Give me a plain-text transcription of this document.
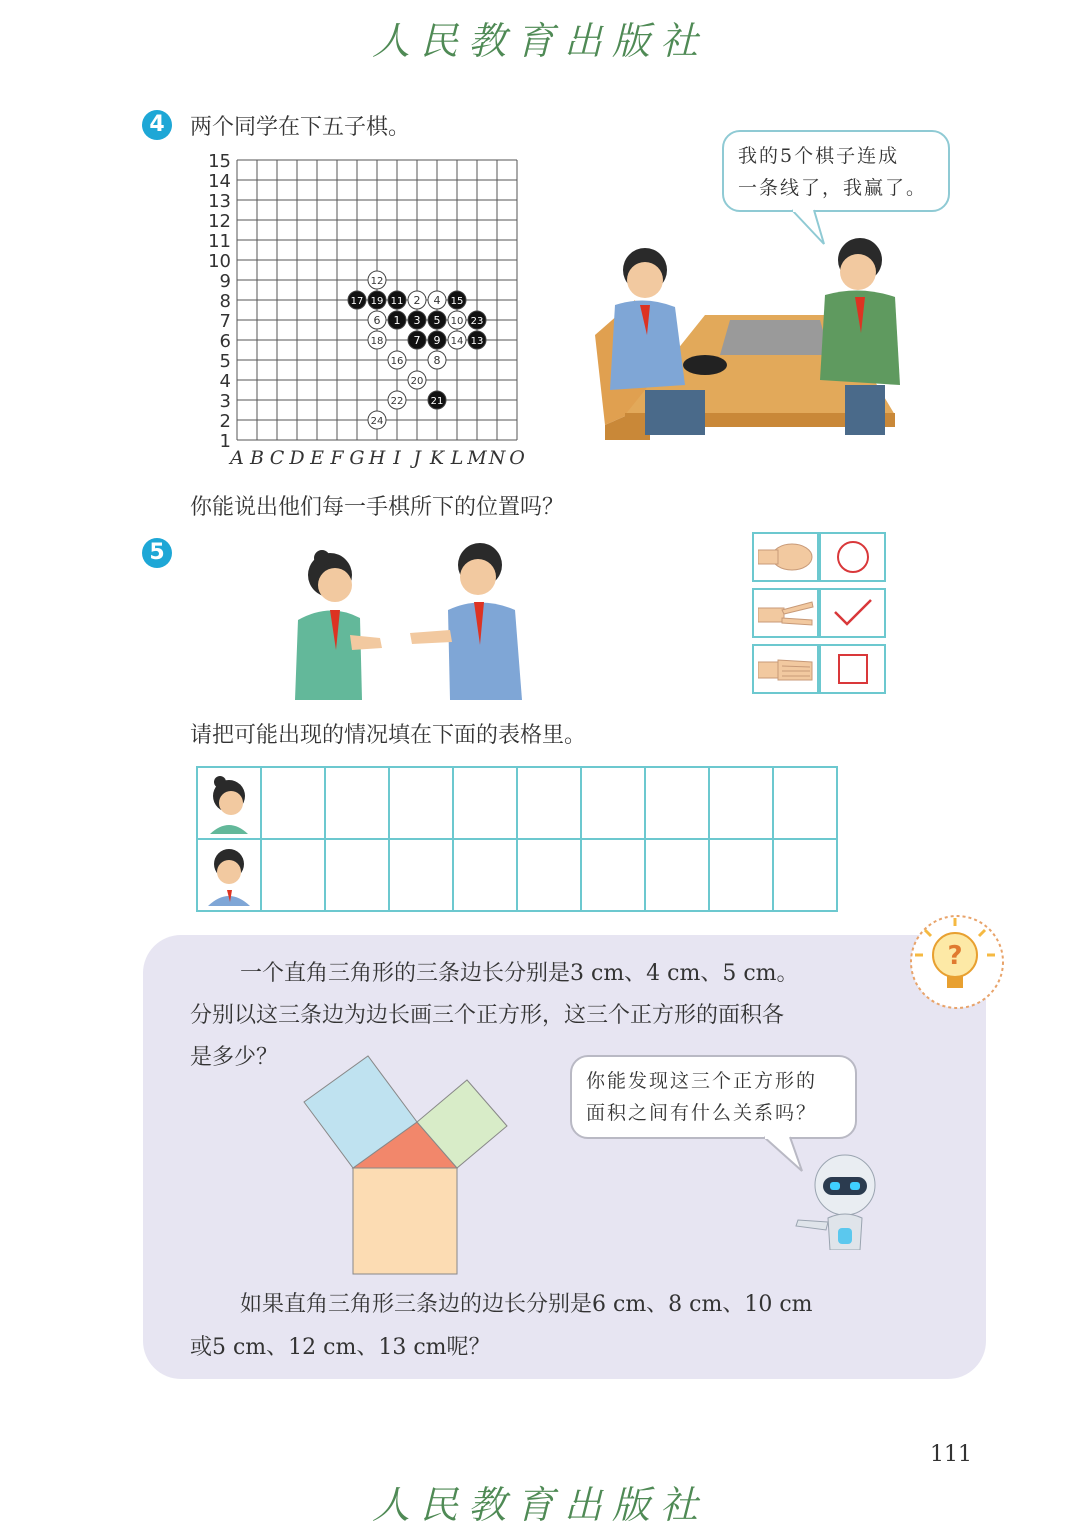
人民教育出版社
4	两个同学在下五子棋。
15
14
13
12
11
10
9
8
7
6
5
4
3
2
1
A B C D E F G H I J K L M N O
1
2
3
4
5
6
7
8
9
10
11
12
13
14
15
16
17
18
19
20
21
22
23
24
我的5个棋子连成
一条线了，我赢了。
你能说出他们每一手棋所下的位置吗？
5
请把可能出现的情况填在下面的表格里。

?
一个直角三角形的三条边长分别是3 cm、4 cm、5 cm。
分别以这三条边为边长画三个正方形，这三个正方形的面积各
是多少？
你能发现这三个正方形的
面积之间有什么关系吗？
如果直角三角形三条边的边长分别是6 cm、8 cm、10 cm
或5 cm、12 cm、13 cm呢？
111
人民教育出版社
